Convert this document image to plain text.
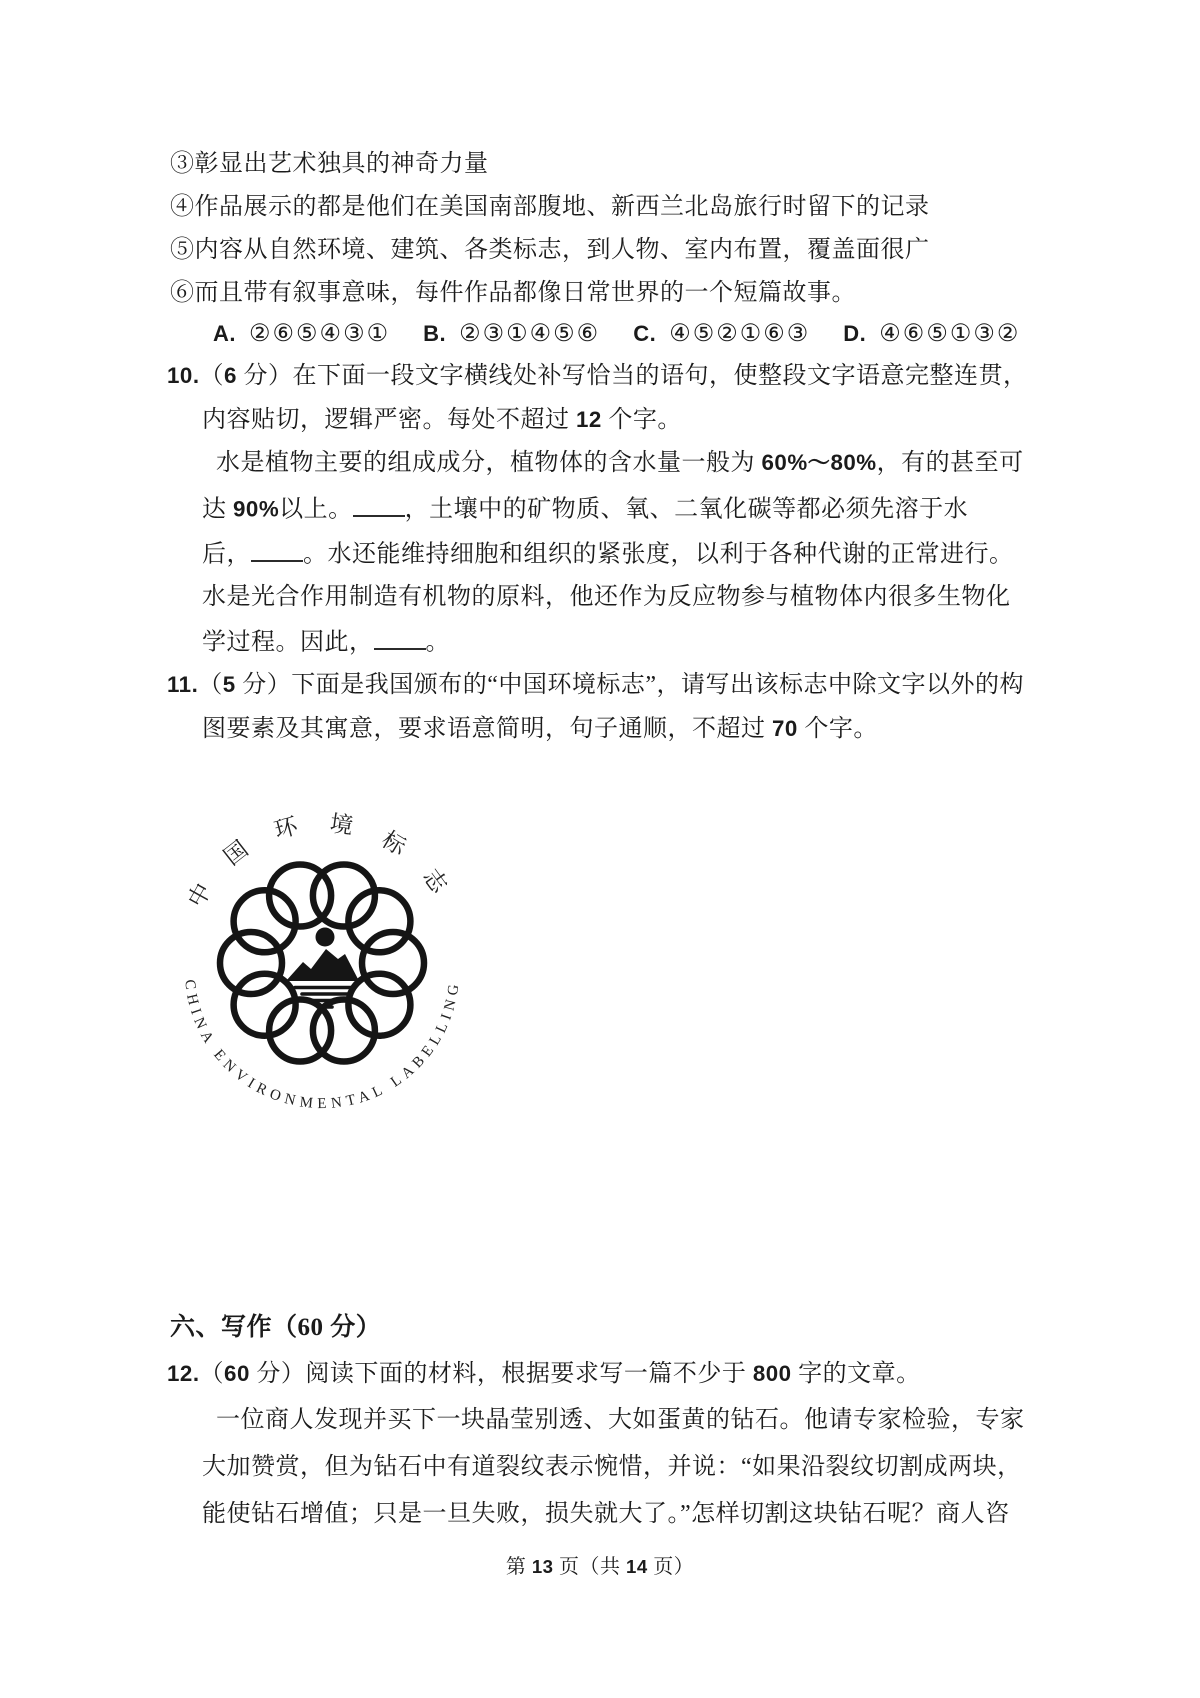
③彰显出艺术独具的神奇力量
④作品展示的都是他们在美国南部腹地、新西兰北岛旅行时留下的记录
⑤内容从自然环境、建筑、各类标志，到人物、室内布置，覆盖面很广
⑥而且带有叙事意味，每件作品都像日常世界的一个短篇故事。
A. ②⑥⑤④③① B. ②③①④⑤⑥ C. ④⑤②①⑥③ D. ④⑥⑤①③②
10.（6 分）在下面一段文字横线处补写恰当的语句，使整段文字语意完整连贯，
内容贴切，逻辑严密。每处不超过 12 个字。
水是植物主要的组成成分，植物体的含水量一般为 60%～80%，有的甚至可
达 90%以上。 ，土壤中的矿物质、氧、二氧化碳等都必须先溶于水
后， 。水还能维持细胞和组织的紧张度，以利于各种代谢的正常进行。
水是光合作用制造有机物的原料，他还作为反应物参与植物体内很多生物化
学过程。因此， 。
11.（5 分）下面是我国颁布的“中国环境标志”，请写出该标志中除文字以外的构
图要素及其寓意，要求语意简明，句子通顺，不超过 70 个字。
中
国
环 境
标
志
CHINA ENVIRONMENTAL LABELLING
六、写作（60 分）
12.（60 分）阅读下面的材料，根据要求写一篇不少于 800 字的文章。
一位商人发现并买下一块晶莹别透、大如蛋黄的钻石。他请专家检验，专家
大加赞赏，但为钻石中有道裂纹表示惋惜，并说：“如果沿裂纹切割成两块，
能使钻石增值；只是一旦失败，损失就大了。”怎样切割这块钻石呢？商人咨
第 13 页（共 14 页）
